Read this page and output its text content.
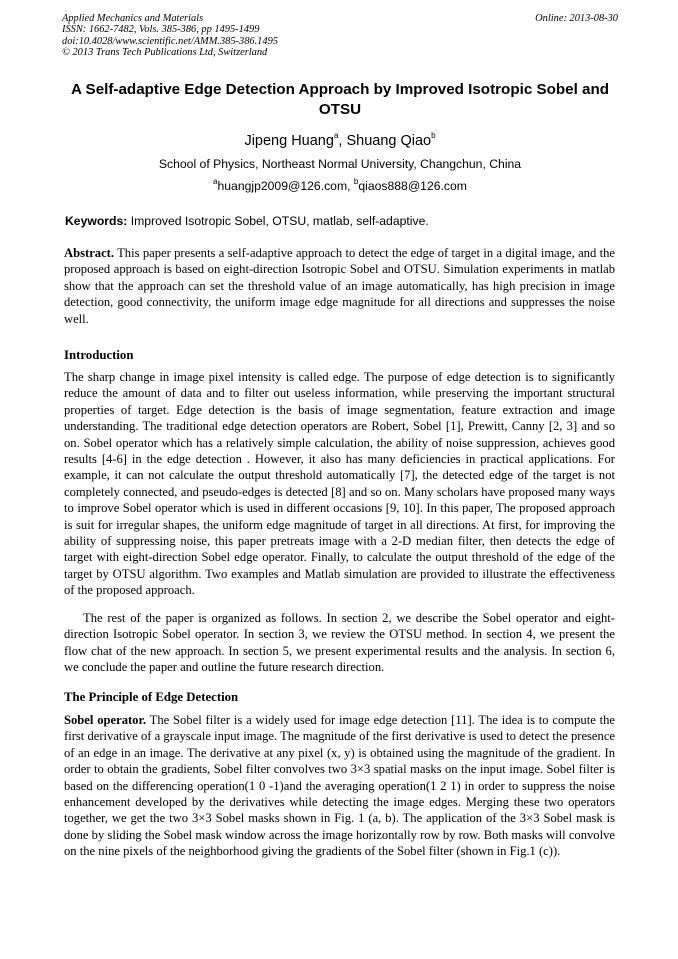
Applied Mechanics and Materials
ISSN: 1662-7482, Vols. 385-386, pp 1495-1499
doi:10.4028/www.scientific.net/AMM.385-386.1495
© 2013 Trans Tech Publications Ltd, Switzerland
Online: 2013-08-30
A Self-adaptive Edge Detection Approach by Improved Isotropic Sobel and OTSU
Jipeng Huang$^a$, Shuang Qiao$^b$
School of Physics, Northeast Normal University, Changchun, China
$^a$huangjp2009@126.com, $^b$qiaos888@126.com
Keywords: Improved Isotropic Sobel, OTSU, matlab, self-adaptive.

Abstract. This paper presents a self-adaptive approach to detect the edge of target in a digital image, and the proposed approach is based on eight-direction Isotropic Sobel and OTSU. Simulation experiments in matlab show that the approach can set the threshold value of an image automatically, has high precision in image detection, good connectivity, the uniform image edge magnitude for all directions and suppresses the noise well.

Introduction

The sharp change in image pixel intensity is called edge. The purpose of edge detection is to significantly reduce the amount of data and to filter out useless information, while preserving the important structural properties of target. Edge detection is the basis of image segmentation, feature extraction and image understanding. The traditional edge detection operators are Robert, Sobel [1], Prewitt, Canny [2, 3] and so on. Sobel operator which has a relatively simple calculation, the ability of noise suppression, achieves good results [4-6] in the edge detection . However, it also has many deficiencies in practical applications. For example, it can not calculate the output threshold automatically [7], the detected edge of the target is not completely connected, and pseudo-edges is detected [8] and so on. Many scholars have proposed many ways to improve Sobel operator which is used in different occasions [9, 10]. In this paper, The proposed approach is suit for irregular shapes, the uniform edge magnitude of target in all directions. At first, for improving the ability of suppressing noise, this paper pretreats image with a 2-D median filter, then detects the edge of target with eight-direction Sobel edge operator. Finally, to calculate the output threshold of the edge of the target by OTSU algorithm. Two examples and Matlab simulation are provided to illustrate the effectiveness of the proposed approach.

The rest of the paper is organized as follows. In section 2, we describe the Sobel operator and eight-direction Isotropic Sobel operator. In section 3, we review the OTSU method. In section 4, we present the flow chat of the new approach. In section 5, we present experimental results and the analysis. In section 6, we conclude the paper and outline the future research direction.

The Principle of Edge Detection

Sobel operator. The Sobel filter is a widely used for image edge detection [11]. The idea is to compute the first derivative of a grayscale input image. The magnitude of the first derivative is used to detect the presence of an edge in an image. The derivative at any pixel (x, y) is obtained using the magnitude of the gradient. In order to obtain the gradients, Sobel filter convolves two 3×3 spatial masks on the input image. Sobel filter is based on the differencing operation(1 0 -1)and the averaging operation(1 2 1) in order to suppress the noise enhancement developed by the derivatives while detecting the image edges. Merging these two operators together, we get the two 3×3 Sobel masks shown in Fig. 1 (a, b). The application of the 3×3 Sobel mask is done by sliding the Sobel mask window across the image horizontally row by row. Both masks will convolve on the nine pixels of the neighborhood giving the gradients of the Sobel filter (shown in Fig.1 (c)).
